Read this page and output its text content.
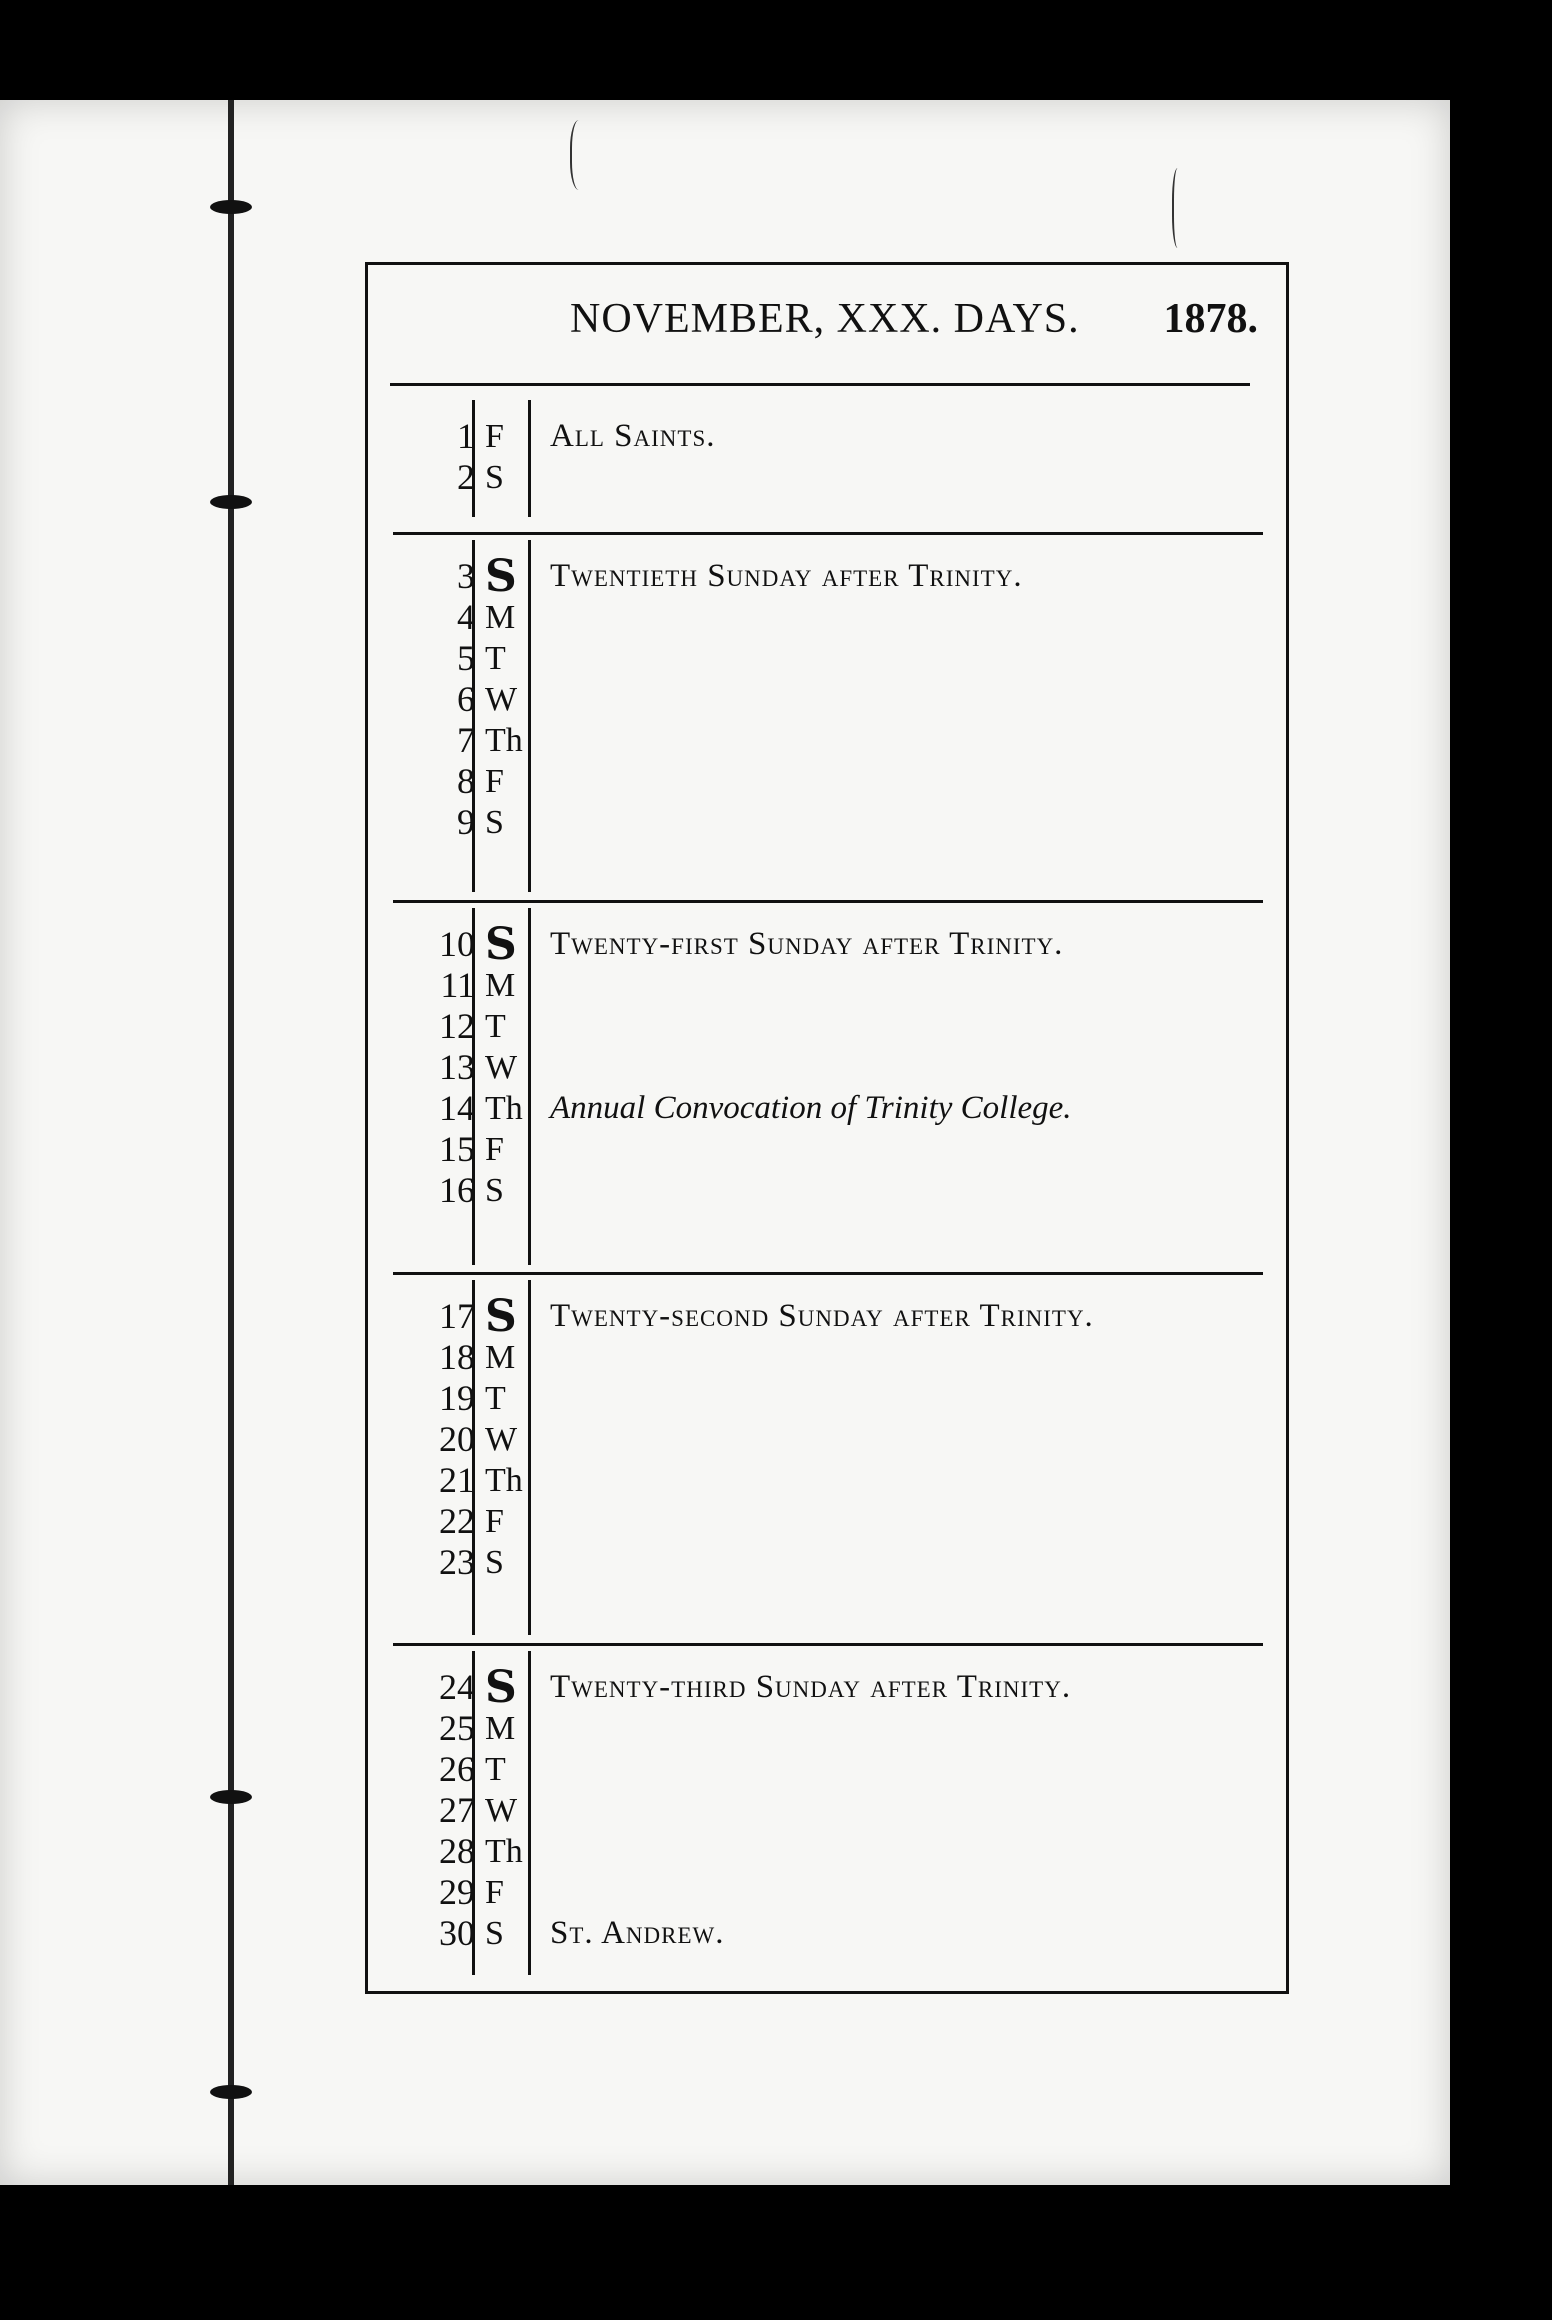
NOVEMBER, XXX. DAYS. 1878.
1 F All Saints.
2 S
3 S Twentieth Sunday after Trinity.
4 M
5 T
6 W
7 Th
8 F
9 S
10 S Twenty-first Sunday after Trinity.
11 M
12 T
13 W
14 Th Annual Convocation of Trinity College.
15 F
16 S
17 S Twenty-second Sunday after Trinity.
18 M
19 T
20 W
21 Th
22 F
23 S
24 S Twenty-third Sunday after Trinity.
25 M
26 T
27 W
28 Th
29 F
30 S St. Andrew.
